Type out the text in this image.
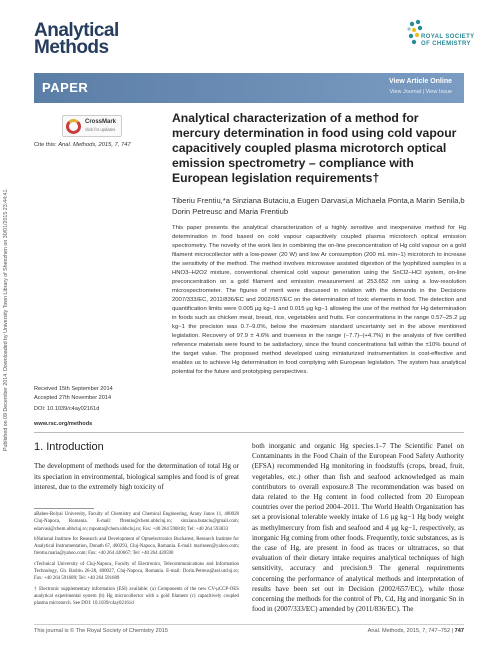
Published on 09 December 2014. Downloaded by University Town Library of Shenzhen on 30/01/2015 23:44:41.
Analytical
Methods	ROYAL SOCIETY
OF CHEMISTRY
PAPER	View Article Online
View Journal | View Issue
CrossMark
click for updates
Cite this: Anal. Methods, 2015, 7, 747
Analytical characterization of a method for mercury determination in food using cold vapour capacitively coupled plasma microtorch optical emission spectrometry – compliance with European legislation requirements†
Tiberiu Frentiu,*a Sinziana Butaciu,a Eugen Darvasi,a Michaela Ponta,a Marin Senila,b Dorin Petreusc and Maria Frentiub
This paper presents the analytical characterization of a highly sensitive and inexpensive method for Hg determination in food based on cold vapour capacitively coupled plasma microtorch optical emission spectrometry. The novelty of the work lies in combining the on-line preconcentration of Hg cold vapour on a gold filament microcollector with a low-power (20 W) and low Ar consumption (200 mL min−1) microtorch to increase the sensitivity of the method. The method involves microwave assisted digestion of the lyophilized samples in a HNO3–H2O2 mixture, conventional chemical cold vapour generation using the SnCl2–HCl system, on-line preconcentration on a gold filament and emission measurement at 253.652 nm using a low-resolution microspectrometer. The figures of merit were discussed in relation with the demands in the Decisions 2007/333/EC, 2011/836/EC and 2002/657/EC on the determination of toxic elements in food. The detection and quantification limits were 0.005 μg kg−1 and 0.015 μg kg−1 allowing the use of the method for Hg determination in foods such as chicken meat, bread, rice, vegetables and fruits. For concentrations in the range 0.57–25.2 μg kg−1 the precision was 0.7–9.0%, below the maximum standard uncertainty set in the above mentioned legislation. Recovery of 97.9 ± 4.6% and trueness in the range (−7.7)–(+4.7%) in the analysis of five certified reference materials were found to be satisfactory, since the found concentrations fall within the ±10% bound of the target value. The proposed method developed using miniaturized instrumentation is cost-effective and enables us to achieve Hg determination in food complying with European legislation. The system has analytical potential for the future and prototyping perspectives.
Received 15th September 2014
Accepted 27th November 2014
DOI: 10.1039/c4ay02161d
www.rsc.org/methods
1. Introduction
The development of methods used for the determination of total Hg or its speciation in environmental, biological samples and food is of great interest, due to the extremely high toxicity of

aBabes-Bolyai University, Faculty of Chemistry and Chemical Engineering, Arany Janos 11, 400028 Cluj-Napoca, Romania. E-mail: ffrentiu@chem.ubbcluj.ro; sinziana.butaciu@gmail.com; edarvasi@chem.ubbcluj.ro; mponta@chem.ubbcluj.ro; Fax: +40 264 590818; Tel: +40 264 593833

bNational Institute for Research and Development of Optoelectronics Bucharest, Research Institute for Analytical Instrumentation, Donath 67, 400293, Cluj-Napoca, Romania. E-mail: marinsen@yahoo.com; frentiu.maria@yahoo.com; Fax: +40 264 420667; Tel: +40 264 420590

cTechnical University of Cluj-Napoca, Faculty of Electronics, Telecommunications and Information Technology, Gh. Baritiu 26-28, 400027, Cluj-Napoca, Romania. E-mail: Dorin.Petreus@ael.utcluj.ro; Fax: +40 264 591689; Tel: +40 264 591689

† Electronic supplementary information (ESI) available: (a) Components of the new CV-μCCP-OES analytical experimental system (b) Hg microcollector with a gold filament (c) capacitively coupled plasma microtorch. See DOI: 10.1039/c4ay02161d

both inorganic and organic Hg species.1–7 The Scientific Panel on Contaminants in the Food Chain of the European Food Safety Authority (EFSA) recommended Hg monitoring in foodstuffs (crops, bread, fruit, vegetables, etc.) other than fish and seafood acknowledged as main contributors to overall exposure.8 The recommendation was based on data related to the Hg content in food collected from 20 European countries over the period 2004–2011. The World Health Organization has set a provisional tolerable weekly intake of 1.6 μg kg−1 Hg body weight as methylmercury from fish and seafood and 4 μg kg−1, respectively, as inorganic Hg coming from other foods. Frequently, toxic substances, as is the case of Hg, are present in food as traces or ultratraces, so that evaluation of their dietary intake requires analytical techniques of high sensitivity, accuracy and precision.9 The general requirements concerning the performance of analytical methods and interpretation of results have been set out in Decision (2002/657/EC), while those concerning the methods for the control of Pb, Cd, Hg and inorganic Sn in food in (2007/333/EC) amended by (2011/836/EC). The
This journal is © The Royal Society of Chemistry 2015	Anal. Methods, 2015, 7, 747–752 | 747
